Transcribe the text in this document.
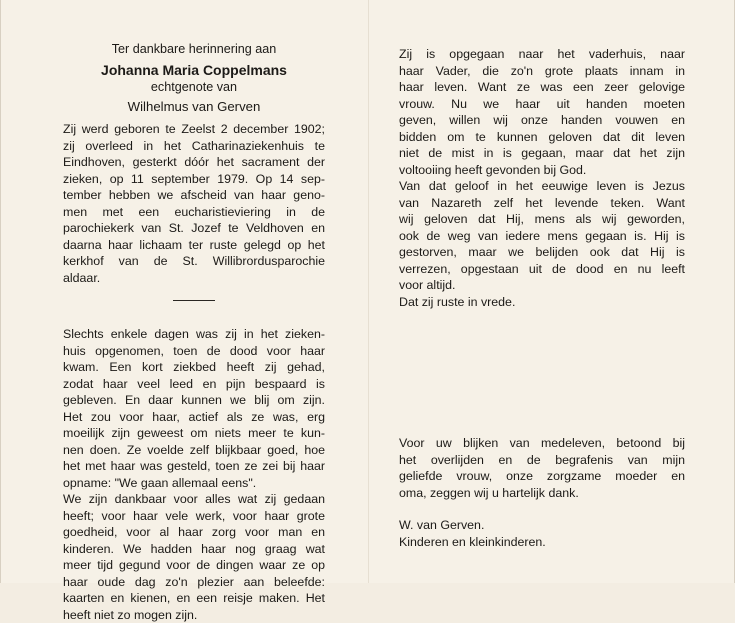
Ter dankbare herinnering aan
Johanna Maria Coppelmans
echtgenote van
Wilhelmus van Gerven
Zij werd geboren te Zeelst 2 december 1902;
zij overleed in het Catharinaziekenhuis te
Eindhoven, gesterkt dóór het sacrament der
zieken, op 11 september 1979. Op 14 sep-
tember hebben we afscheid van haar geno-
men met een eucharistieviering in de
parochiekerk van St. Jozef te Veldhoven en
daarna haar lichaam ter ruste gelegd op het
kerkhof van de St. Willibrordusparochie
aldaar.
Slechts enkele dagen was zij in het zieken-
huis opgenomen, toen de dood voor haar
kwam. Een kort ziekbed heeft zij gehad,
zodat haar veel leed en pijn bespaard is
gebleven. En daar kunnen we blij om zijn.
Het zou voor haar, actief als ze was, erg
moeilijk zijn geweest om niets meer te kun-
nen doen. Ze voelde zelf blijkbaar goed, hoe
het met haar was gesteld, toen ze zei bij haar
opname: "We gaan allemaal eens".
We zijn dankbaar voor alles wat zij gedaan
heeft; voor haar vele werk, voor haar grote
goedheid, voor al haar zorg voor man en
kinderen. We hadden haar nog graag wat
meer tijd gegund voor de dingen waar ze op
haar oude dag zo'n plezier aan beleefde:
kaarten en kienen, en een reisje maken. Het
heeft niet zo mogen zijn.
Zij is opgegaan naar het vaderhuis, naar
haar Vader, die zo'n grote plaats innam in
haar leven. Want ze was een zeer gelovige
vrouw. Nu we haar uit handen moeten
geven, willen wij onze handen vouwen en
bidden om te kunnen geloven dat dit leven
niet de mist in is gegaan, maar dat het zijn
voltooiing heeft gevonden bij God.
Van dat geloof in het eeuwige leven is Jezus
van Nazareth zelf het levende teken. Want
wij geloven dat Hij, mens als wij geworden,
ook de weg van iedere mens gegaan is. Hij is
gestorven, maar we belijden ook dat Hij is
verrezen, opgestaan uit de dood en nu leeft
voor altijd.
Dat zij ruste in vrede.
Voor uw blijken van medeleven, betoond bij
het overlijden en de begrafenis van mijn
geliefde vrouw, onze zorgzame moeder en
oma, zeggen wij u hartelijk dank.
W. van Gerven.
Kinderen en kleinkinderen.
